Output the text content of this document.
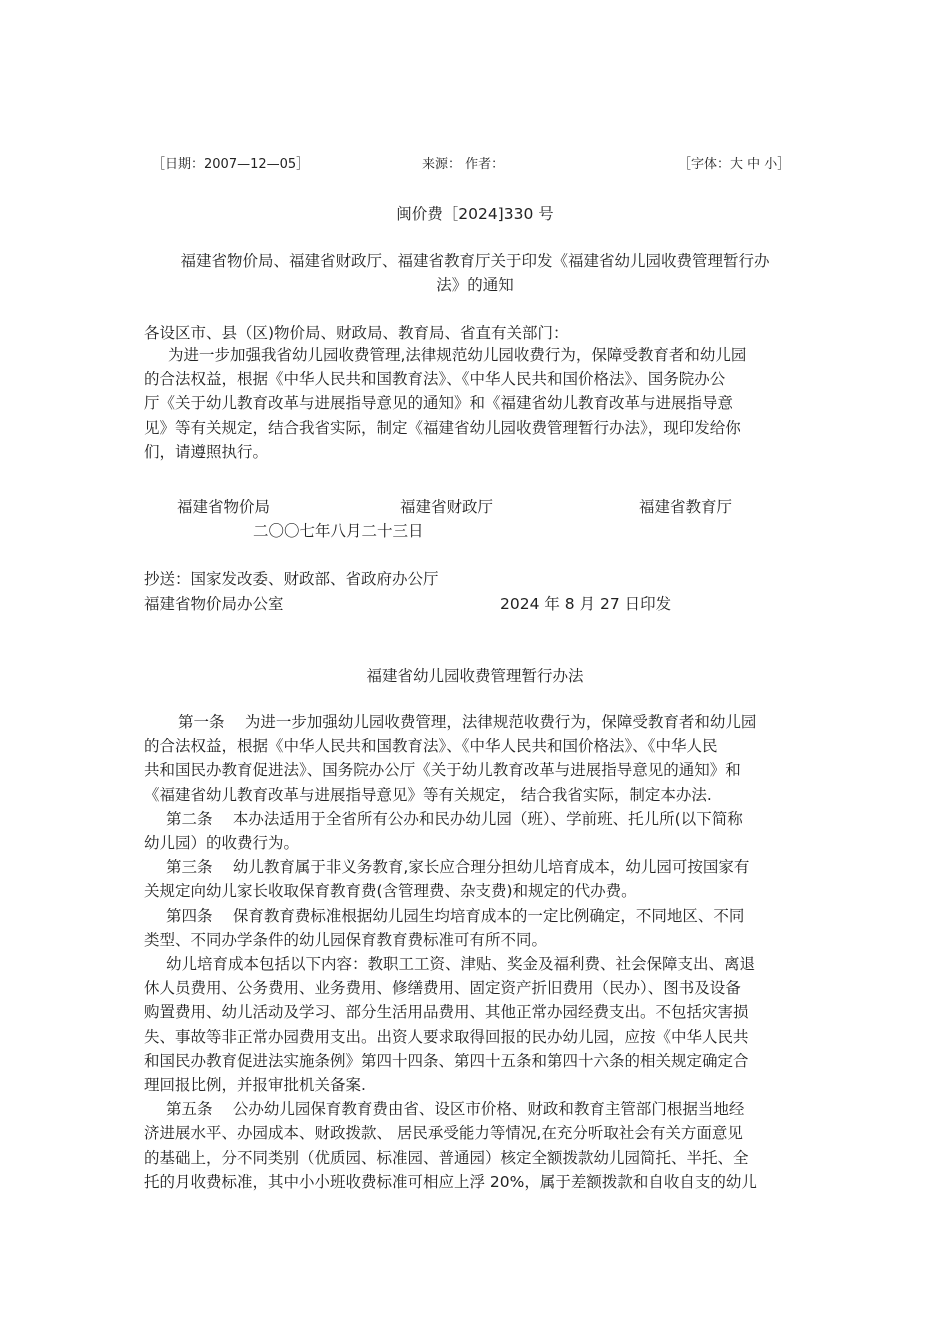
［日期：2007—12—05］	来源： 作者：	［字体：大 中 小］
闽价费［2024]330 号
福建省物价局、福建省财政厅、福建省教育厅关于印发《福建省幼儿园收费管理暂行办
法》的通知
各设区市、县（区)物价局、财政局、教育局、省直有关部门：

为进一步加强我省幼儿园收费管理,法律规范幼儿园收费行为，保障受教育者和幼儿园

的合法权益，根据《中华人民共和国教育法》、《中华人民共和国价格法》、国务院办公

厅《关于幼儿教育改革与进展指导意见的通知》和《福建省幼儿教育改革与进展指导意

见》等有关规定，结合我省实际，制定《福建省幼儿园收费管理暂行办法》，现印发给你

们，请遵照执行。

福建省物价局	福建省财政厅	福建省教育厅
二〇〇七年八月二十三日
抄送：国家发改委、财政部、省政府办公厅
福建省物价局办公室	2024 年 8 月 27 日印发
福建省幼儿园收费管理暂行办法

第一条　 为进一步加强幼儿园收费管理，法律规范收费行为，保障受教育者和幼儿园

的合法权益，根据《中华人民共和国教育法》、《中华人民共和国价格法》、《中华人民

共和国民办教育促进法》、国务院办公厅《关于幼儿教育改革与进展指导意见的通知》和

《福建省幼儿教育改革与进展指导意见》等有关规定， 结合我省实际，制定本办法.

第二条　 本办法适用于全省所有公办和民办幼儿园（班）、学前班、托儿所(以下简称

幼儿园）的收费行为。

第三条　 幼儿教育属于非义务教育,家长应合理分担幼儿培育成本，幼儿园可按国家有

关规定向幼儿家长收取保育教育费(含管理费、杂支费)和规定的代办费。

第四条　 保育教育费标准根据幼儿园生均培育成本的一定比例确定，不同地区、不同

类型、不同办学条件的幼儿园保育教育费标准可有所不同。

幼儿培育成本包括以下内容：教职工工资、津贴、奖金及福利费、社会保障支出、离退

休人员费用、公务费用、业务费用、修缮费用、固定资产折旧费用（民办）、图书及设备

购置费用、幼儿活动及学习、部分生活用品费用、其他正常办园经费支出。不包括灾害损

失、事故等非正常办园费用支出。出资人要求取得回报的民办幼儿园，应按《中华人民共

和国民办教育促进法实施条例》第四十四条、第四十五条和第四十六条的相关规定确定合

理回报比例，并报审批机关备案.

第五条　 公办幼儿园保育教育费由省、设区市价格、财政和教育主管部门根据当地经

济进展水平、办园成本、财政拨款、 居民承受能力等情况,在充分听取社会有关方面意见

的基础上，分不同类别（优质园、标准园、普通园）核定全额拨款幼儿园简托、半托、全

托的月收费标准，其中小小班收费标准可相应上浮 20%，属于差额拨款和自收自支的幼儿
